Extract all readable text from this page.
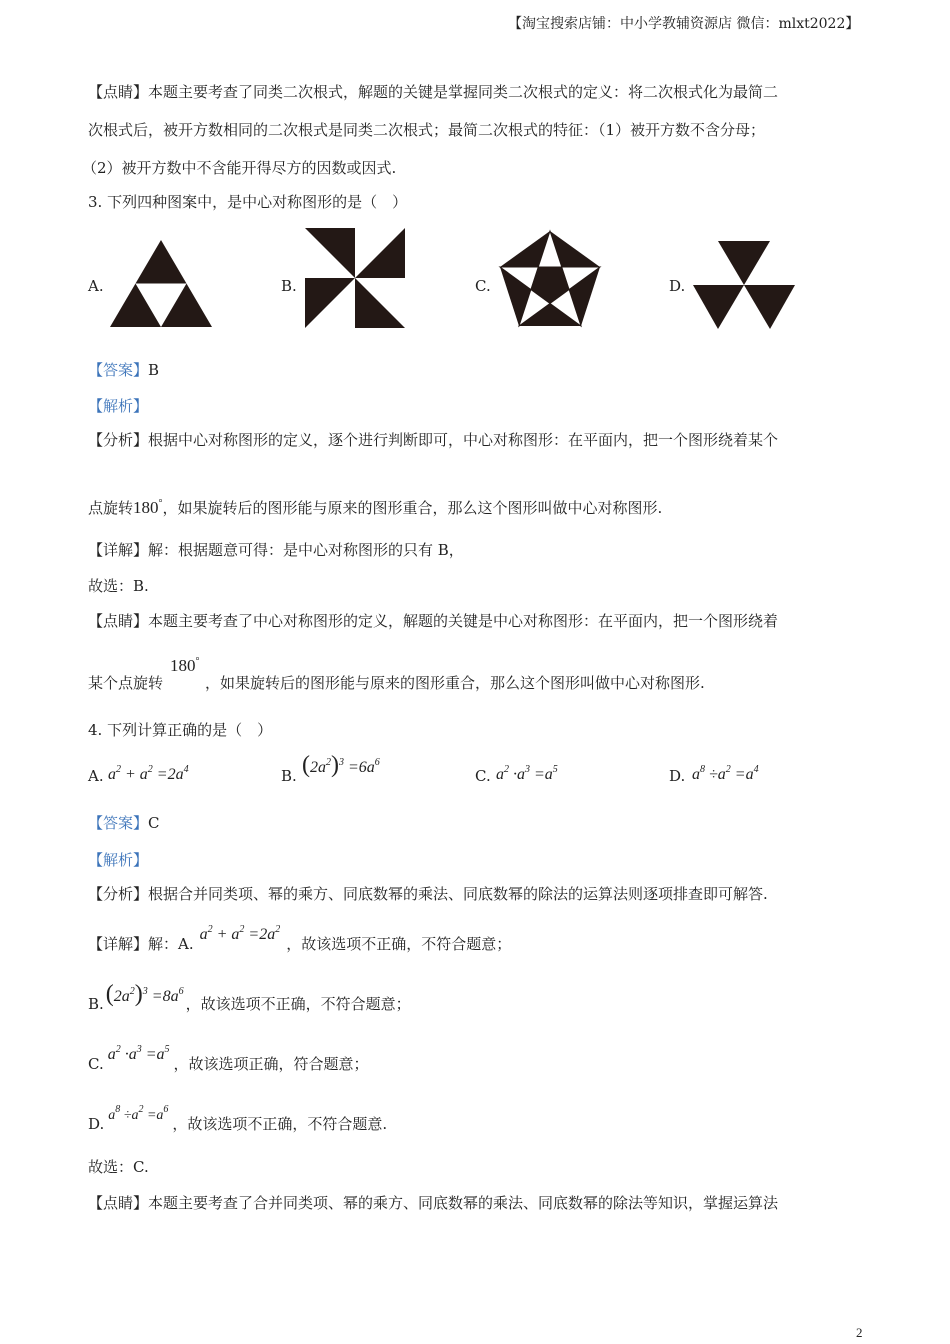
【淘宝搜索店铺：中小学教辅资源店 微信：mlxt2022】
【点睛】本题主要考查了同类二次根式，解题的关键是掌握同类二次根式的定义：将二次根式化为最简二
次根式后，被开方数相同的二次根式是同类二次根式；最简二次根式的特征：（1）被开方数不含分母；
（2）被开方数中不含能开得尽方的因数或因式.
3. 下列四种图案中，是中心对称图形的是（　）
A.	B.	C.	D.
【答案】B
【解析】
【分析】根据中心对称图形的定义，逐个进行判断即可，中心对称图形：在平面内，把一个图形绕着某个
点旋转180°，如果旋转后的图形能与原来的图形重合，那么这个图形叫做中心对称图形.
【详解】解：根据题意可得：是中心对称图形的只有 B，
故选：B.
【点睛】本题主要考查了中心对称图形的定义，解题的关键是中心对称图形：在平面内，把一个图形绕着
180°
某个点旋转	，如果旋转后的图形能与原来的图形重合，那么这个图形叫做中心对称图形.
4. 下列计算正确的是（　）
A. $a^2 + a^2 =2a^4$	B. $(2a^2)^3 =6a^6$
C. $a^2 \cdot a^3 =a^5$	D. $a^8 \div a^2 =a^4$
【答案】C
【解析】
【分析】根据合并同类项、幂的乘方、同底数幂的乘法、同底数幂的除法的运算法则逐项排查即可解答.
【详解】解：$A.a^2 + a^2 =2a^2$，故该选项不正确，不符合题意；
$B.(2a^2)^3 =8a^6$，故该选项不正确，不符合题意；
$C.a^2 \cdot a^3 =a^5$，故该选项正确，符合题意；
D. $a^8 \div a^2 =a^6$，故该选项不正确，不符合题意.
故选：C.
【点睛】本题主要考查了合并同类项、幂的乘方、同底数幂的乘法、同底数幂的除法等知识，掌握运算法
2
